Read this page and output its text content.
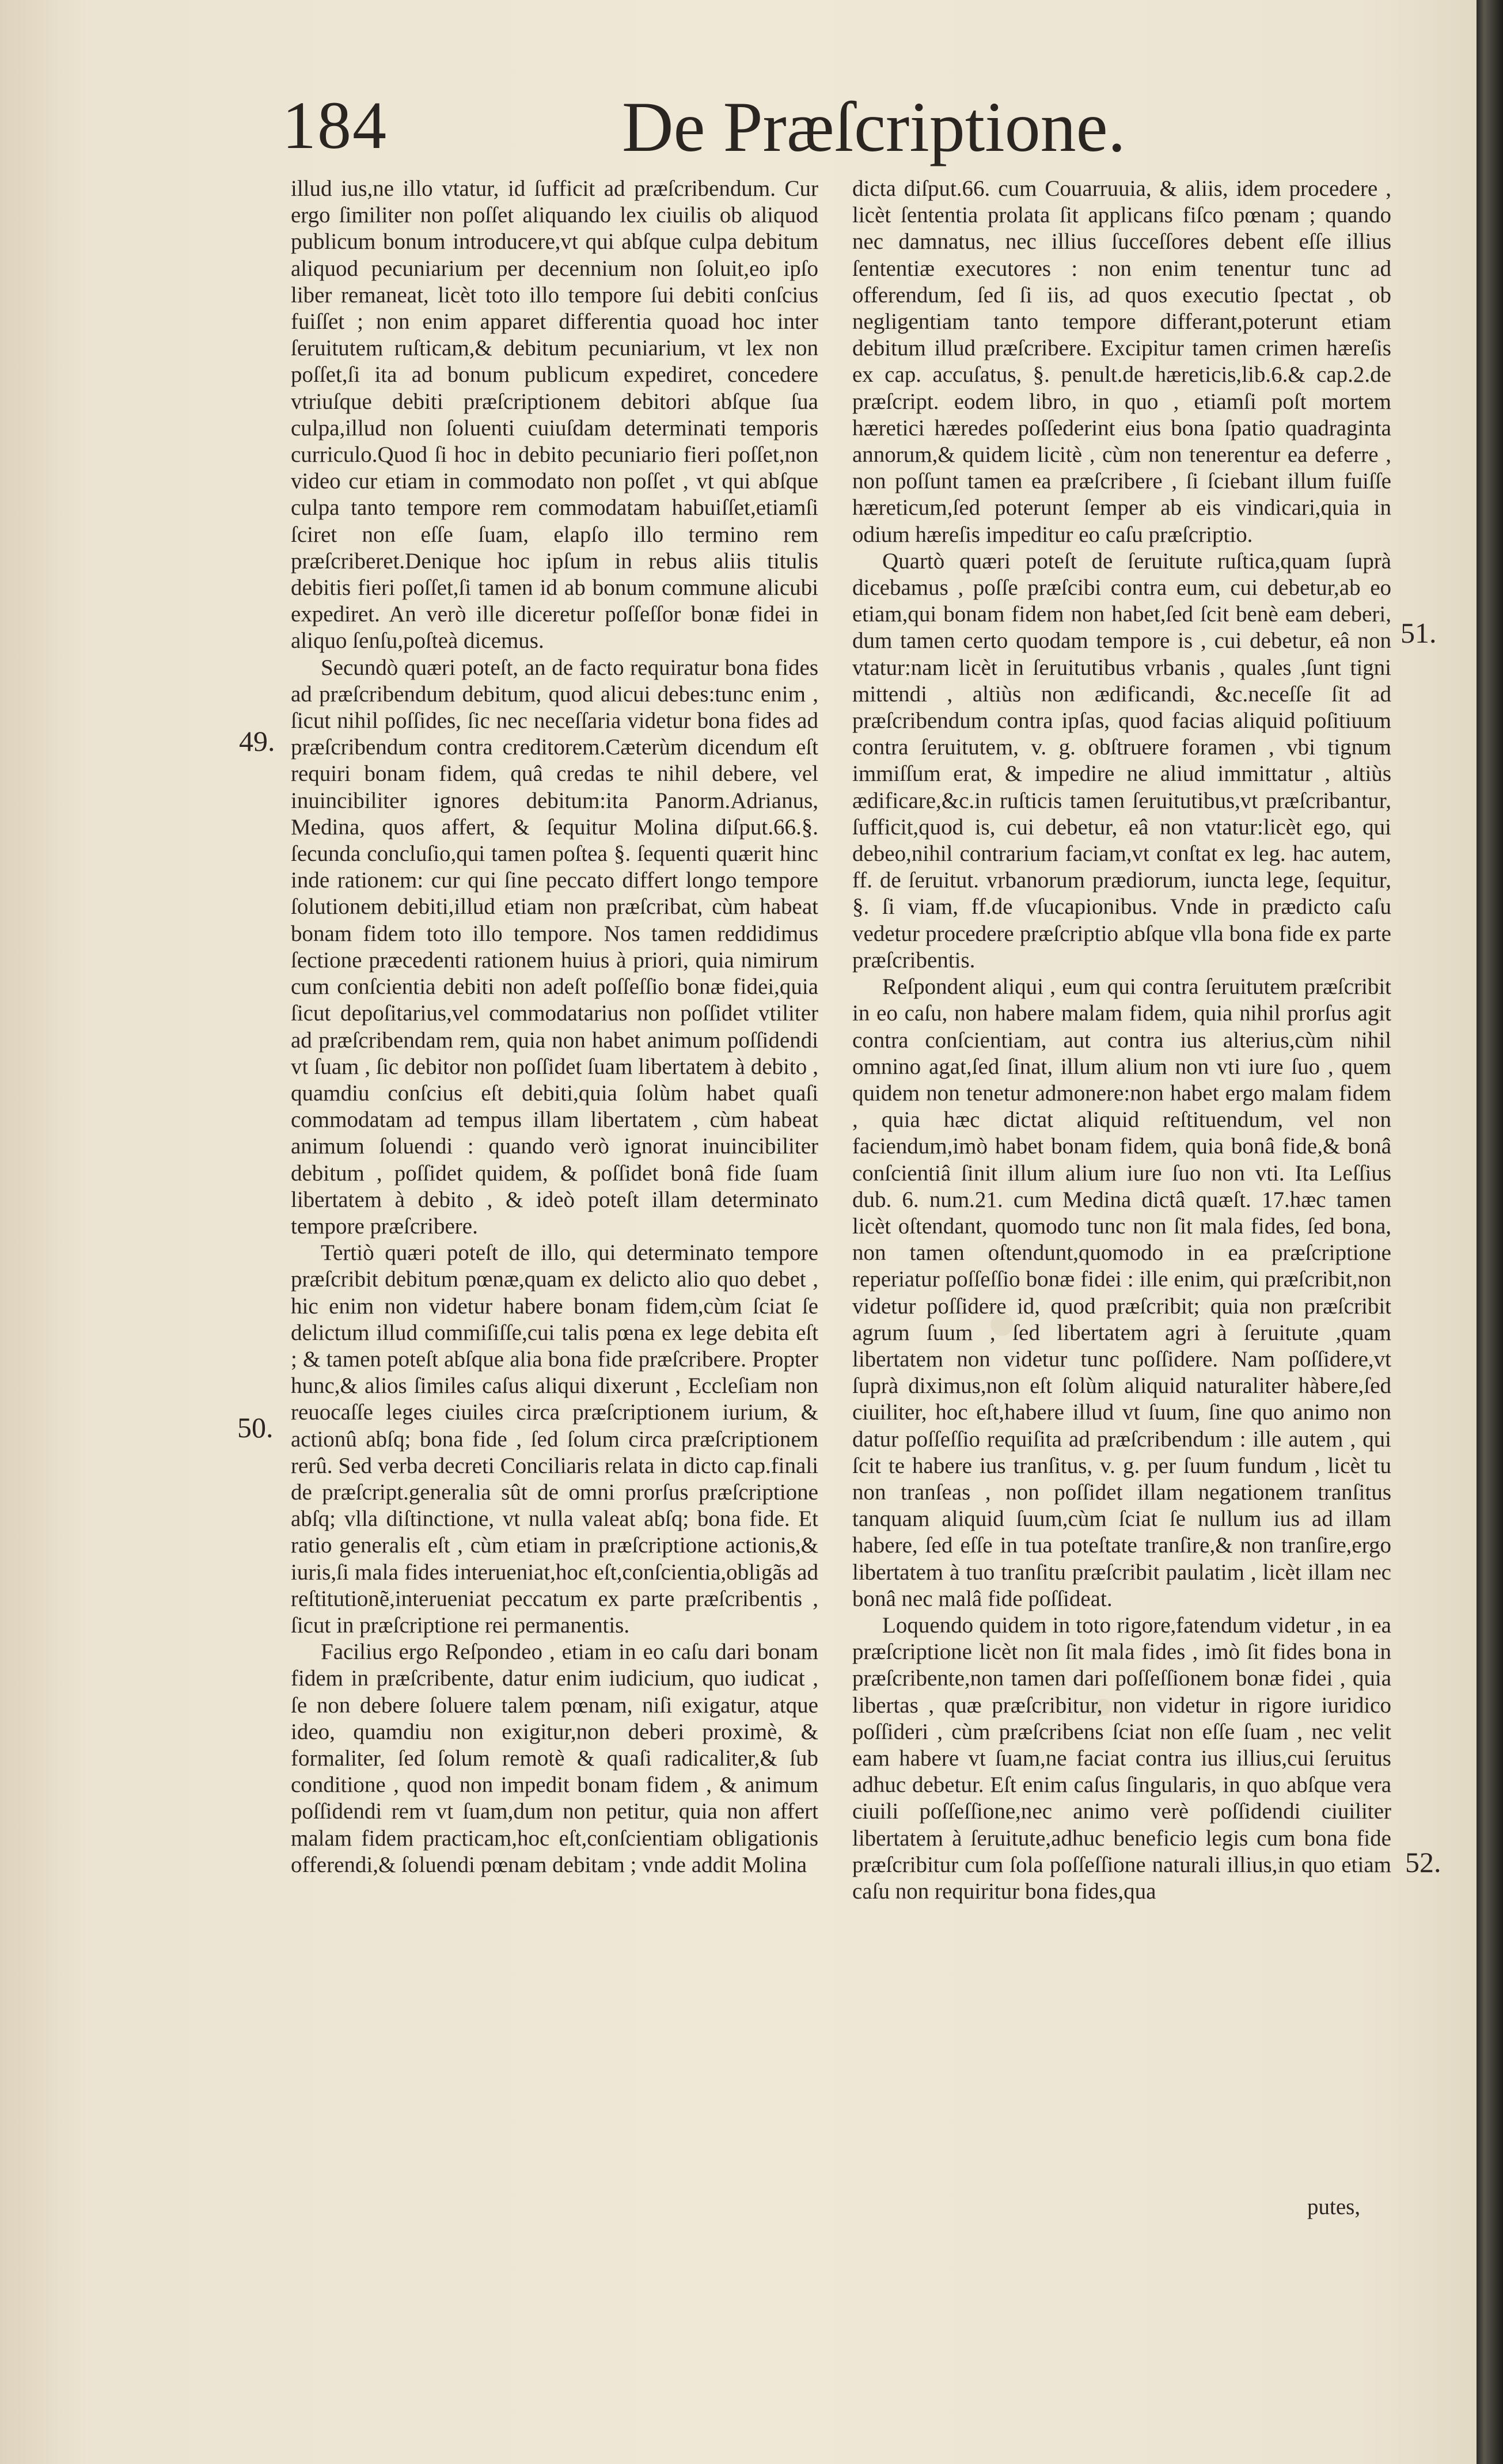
184	De Præſcriptione.
49.
50.
51.
52.

illud ius,ne illo vtatur, id ſufficit ad præſcribendum. Cur ergo ſimiliter non poſſet aliquando lex ciuilis ob aliquod publicum bonum introducere,vt qui abſque culpa debitum aliquod pecuniarium per decennium non ſoluit,eo ipſo liber remaneat, licèt toto illo tempore ſui debiti conſcius fuiſſet ; non enim apparet differentia quoad hoc inter ſeruitutem ruſticam,& debitum pecuniarium, vt lex non poſſet,ſi ita ad bonum publicum expediret, concedere vtriuſque debiti præſcriptionem debitori abſque ſua culpa,illud non ſoluenti cuiuſdam determinati temporis curriculo.Quod ſi hoc in debito pecuniario fieri poſſet,non video cur etiam in commodato non poſſet , vt qui abſque culpa tanto tempore rem commodatam habuiſſet,etiamſi ſciret non eſſe ſuam, elapſo illo termino rem præſcriberet.Denique hoc ipſum in rebus aliis titulis debitis fieri poſſet,ſi tamen id ab bonum commune alicubi expediret. An verò ille diceretur poſſeſſor bonæ fidei in aliquo ſenſu,poſteà dicemus.

Secundò quæri poteſt, an de facto requiratur bona fides ad præſcribendum debitum, quod alicui debes:tunc enim , ſicut nihil poſſides, ſic nec neceſſaria videtur bona fides ad præſcribendum contra creditorem.Cæterùm dicendum eſt requiri bonam fidem, quâ credas te nihil debere, vel inuincibiliter ignores debitum:ita Panorm.Adrianus, Medina, quos affert, & ſequitur Molina diſput.66.§. ſecunda concluſio,qui tamen poſtea §. ſequenti quærit hinc inde rationem: cur qui ſine peccato differt longo tempore ſolutionem debiti,illud etiam non præſcribat, cùm habeat bonam fidem toto illo tempore. Nos tamen reddidimus ſectione præcedenti rationem huius à priori, quia nimirum cum conſcientia debiti non adeſt poſſeſſio bonæ fidei,quia ſicut depoſitarius,vel commodatarius non poſſidet vtiliter ad præſcribendam rem, quia non habet animum poſſidendi vt ſuam , ſic debitor non poſſidet ſuam libertatem à debito , quamdiu conſcius eſt debiti,quia ſolùm habet quaſi commodatam ad tempus illam libertatem , cùm habeat animum ſoluendi : quando verò ignorat inuincibiliter debitum , poſſidet quidem, & poſſidet bonâ fide ſuam libertatem à debito , & ideò poteſt illam determinato tempore præſcribere.

Tertiò quæri poteſt de illo, qui determinato tempore præſcribit debitum pœnæ,quam ex delicto alio quo debet , hic enim non videtur habere bonam fidem,cùm ſciat ſe delictum illud commiſiſſe,cui talis pœna ex lege debita eſt ; & tamen poteſt abſque alia bona fide præſcribere. Propter hunc,& alios ſimiles caſus aliqui dixerunt , Eccleſiam non reuocaſſe leges ciuiles circa præſcriptionem iurium, & actionû abſq; bona fide , ſed ſolum circa præſcriptionem rerû. Sed verba decreti Conciliaris relata in dicto cap.finali de præſcript.generalia sût de omni prorſus præſcriptione abſq; vlla diſtinctione, vt nulla valeat abſq; bona fide. Et ratio generalis eſt , cùm etiam in præſcriptione actionis,& iuris,ſi mala fides interueniat,hoc eſt,conſcientia,obligãs ad reſtitutionẽ,interueniat peccatum ex parte præſcribentis , ſicut in præſcriptione rei permanentis.

Facilius ergo Reſpondeo , etiam in eo caſu dari bonam fidem in præſcribente, datur enim iudicium, quo iudicat , ſe non debere ſoluere talem pœnam, niſi exigatur, atque ideo, quamdiu non exigitur,non deberi proximè, & formaliter, ſed ſolum remotè & quaſi radicaliter,& ſub conditione , quod non impedit bonam fidem , & animum poſſidendi rem vt ſuam,dum non petitur, quia non affert malam fidem practicam,hoc eſt,conſcientiam obligationis offerendi,& ſoluendi pœnam debitam ; vnde addit Molina

dicta diſput.66. cum Couarruuia, & aliis, idem procedere , licèt ſententia prolata ſit applicans fiſco pœnam ; quando nec damnatus, nec illius ſucceſſores debent eſſe illius ſententiæ executores : non enim tenentur tunc ad offerendum, ſed ſi iis, ad quos executio ſpectat , ob negligentiam tanto tempore differant,poterunt etiam debitum illud præſcribere. Excipitur tamen crimen hæreſis ex cap. accuſatus, §. penult.de hæreticis,lib.6.& cap.2.de præſcript. eodem libro, in quo , etiamſi poſt mortem hæretici hæredes poſſederint eius bona ſpatio quadraginta annorum,& quidem licitè , cùm non tenerentur ea deferre , non poſſunt tamen ea præſcribere , ſi ſciebant illum fuiſſe hæreticum,ſed poterunt ſemper ab eis vindicari,quia in odium hæreſis impeditur eo caſu præſcriptio.

Quartò quæri poteſt de ſeruitute ruſtica,quam ſuprà dicebamus , poſſe præſcibi contra eum, cui debetur,ab eo etiam,qui bonam fidem non habet,ſed ſcit benè eam deberi, dum tamen certo quodam tempore is , cui debetur, eâ non vtatur:nam licèt in ſeruitutibus vrbanis , quales ,ſunt tigni mittendi , altiùs non ædificandi, &c.neceſſe ſit ad præſcribendum contra ipſas, quod facias aliquid poſitiuum contra ſeruitutem, v. g. obſtruere foramen , vbi tignum immiſſum erat, & impedire ne aliud immittatur , altiùs ædificare,&c.in ruſticis tamen ſeruitutibus,vt præſcribantur, ſufficit,quod is, cui debetur, eâ non vtatur:licèt ego, qui debeo,nihil contrarium faciam,vt conſtat ex leg. hac autem, ff. de ſeruitut. vrbanorum prædiorum, iuncta lege, ſequitur, §. ſi viam, ff.de vſucapionibus. Vnde in prædicto caſu vedetur procedere præſcriptio abſque vlla bona fide ex parte præſcribentis.

Reſpondent aliqui , eum qui contra ſeruitutem præſcribit in eo caſu, non habere malam fidem, quia nihil prorſus agit contra conſcientiam, aut contra ius alterius,cùm nihil omnino agat,ſed ſinat, illum alium non vti iure ſuo , quem quidem non tenetur admonere:non habet ergo malam fidem , quia hæc dictat aliquid reſtituendum, vel non faciendum,imò habet bonam fidem, quia bonâ fide,& bonâ conſcientiâ ſinit illum alium iure ſuo non vti. Ita Leſſius dub. 6. num.21. cum Medina dictâ quæſt. 17.hæc tamen licèt oſtendant, quomodo tunc non ſit mala fides, ſed bona, non tamen oſtendunt,quomodo in ea præſcriptione reperiatur poſſeſſio bonæ fidei : ille enim, qui præſcribit,non videtur poſſidere id, quod præſcribit; quia non præſcribit agrum ſuum , ſed libertatem agri à ſeruitute ,quam libertatem non videtur tunc poſſidere. Nam poſſidere,vt ſuprà diximus,non eſt ſolùm aliquid naturaliter hàbere,ſed ciuiliter, hoc eſt,habere illud vt ſuum, ſine quo animo non datur poſſeſſio requiſita ad præſcribendum : ille autem , qui ſcit te habere ius tranſitus, v. g. per ſuum fundum , licèt tu non tranſeas , non poſſidet illam negationem tranſitus tanquam aliquid ſuum,cùm ſciat ſe nullum ius ad illam habere, ſed eſſe in tua poteſtate tranſire,& non tranſire,ergo libertatem à tuo tranſitu præſcribit paulatim , licèt illam nec bonâ nec malâ fide poſſideat.

Loquendo quidem in toto rigore,fatendum videtur , in ea præſcriptione licèt non ſit mala fides , imò ſit fides bona in præſcribente,non tamen dari poſſeſſionem bonæ fidei , quia libertas , quæ præſcribitur, non videtur in rigore iuridico poſſideri , cùm præſcribens ſciat non eſſe ſuam , nec velit eam habere vt ſuam,ne faciat contra ius illius,cui ſeruitus adhuc debetur. Eſt enim caſus ſingularis, in quo abſque vera ciuili poſſeſſione,nec animo verè poſſidendi ciuiliter libertatem à ſeruitute,adhuc beneficio legis cum bona fide præſcribitur cum ſola poſſeſſione naturali illius,in quo etiam caſu non requiritur bona fides,qua

putes,
